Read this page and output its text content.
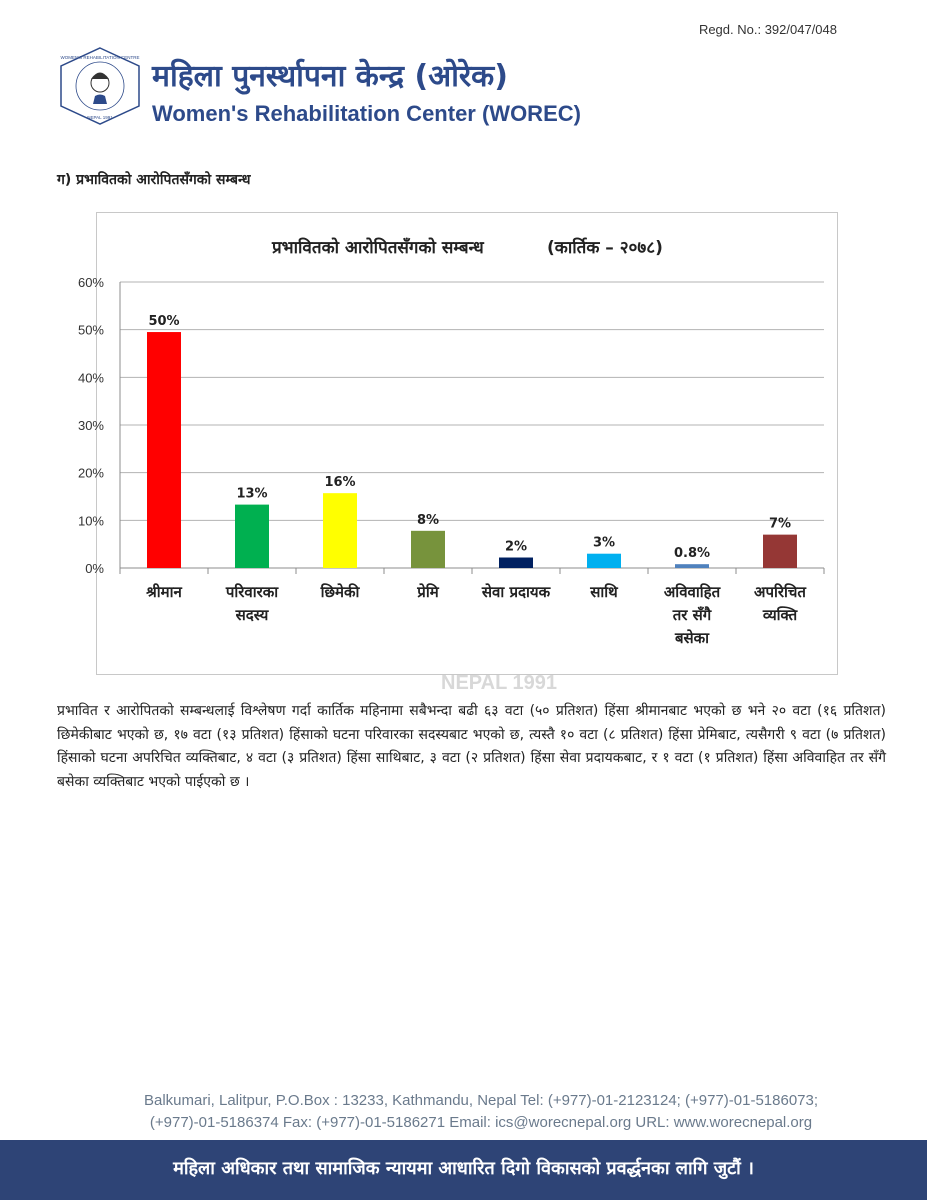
Regd. No.: 392/047/048
NEPAL 1991
WOMEN'S REHABILITATION CENTRE
महिला पुनर्स्थापना केन्द्र (ओरेक)
Women's Rehabilitation Center (WOREC)
ग) प्रभावितको आरोपितसँगको सम्बन्ध
प्रभावितको आरोपितसँगको सम्बन्ध	(कार्तिक – २०७८)
0%
10%
20%
30%
40%
50%
60%
50%
श्रीमान
13%
परिवारका
सदस्य
16%
छिमेकी
8%
प्रेमि
2%
सेवा प्रदायक
3%
साथि
0.8%
अविवाहित
तर सँगै
बसेका
7%
अपरिचित
व्यक्ति
NEPAL 1991
प्रभावित र आरोपितको सम्बन्धलाई विश्लेषण गर्दा कार्तिक महिनामा सबैभन्दा बढी ६३ वटा (५० प्रतिशत) हिंसा श्रीमानबाट भएको छ भने २० वटा (१६ प्रतिशत) छिमेकीबाट भएको छ, १७ वटा (१३ प्रतिशत) हिंसाको घटना परिवारका सदस्यबाट भएको छ, त्यस्तै १० वटा (८ प्रतिशत) हिंसा प्रेमिबाट, त्यसैगरी ९ वटा (७ प्रतिशत) हिंसाको घटना अपरिचित व्यक्तिबाट, ४ वटा (३ प्रतिशत) हिंसा साथिबाट, ३ वटा (२ प्रतिशत) हिंसा सेवा प्रदायकबाट, र १ वटा (१ प्रतिशत) हिंसा अविवाहित तर सँगै बसेका व्यक्तिबाट भएको पाईएको छ ।
Balkumari, Lalitpur, P.O.Box : 13233, Kathmandu, Nepal Tel: (+977)-01-2123124; (+977)-01-5186073; (+977)-01-5186374 Fax: (+977)-01-5186271 Email: ics@worecnepal.org URL: www.worecnepal.org
महिला अधिकार तथा सामाजिक न्यायमा आधारित दिगो विकासको प्रवर्द्धनका लागि जुटौं ।
